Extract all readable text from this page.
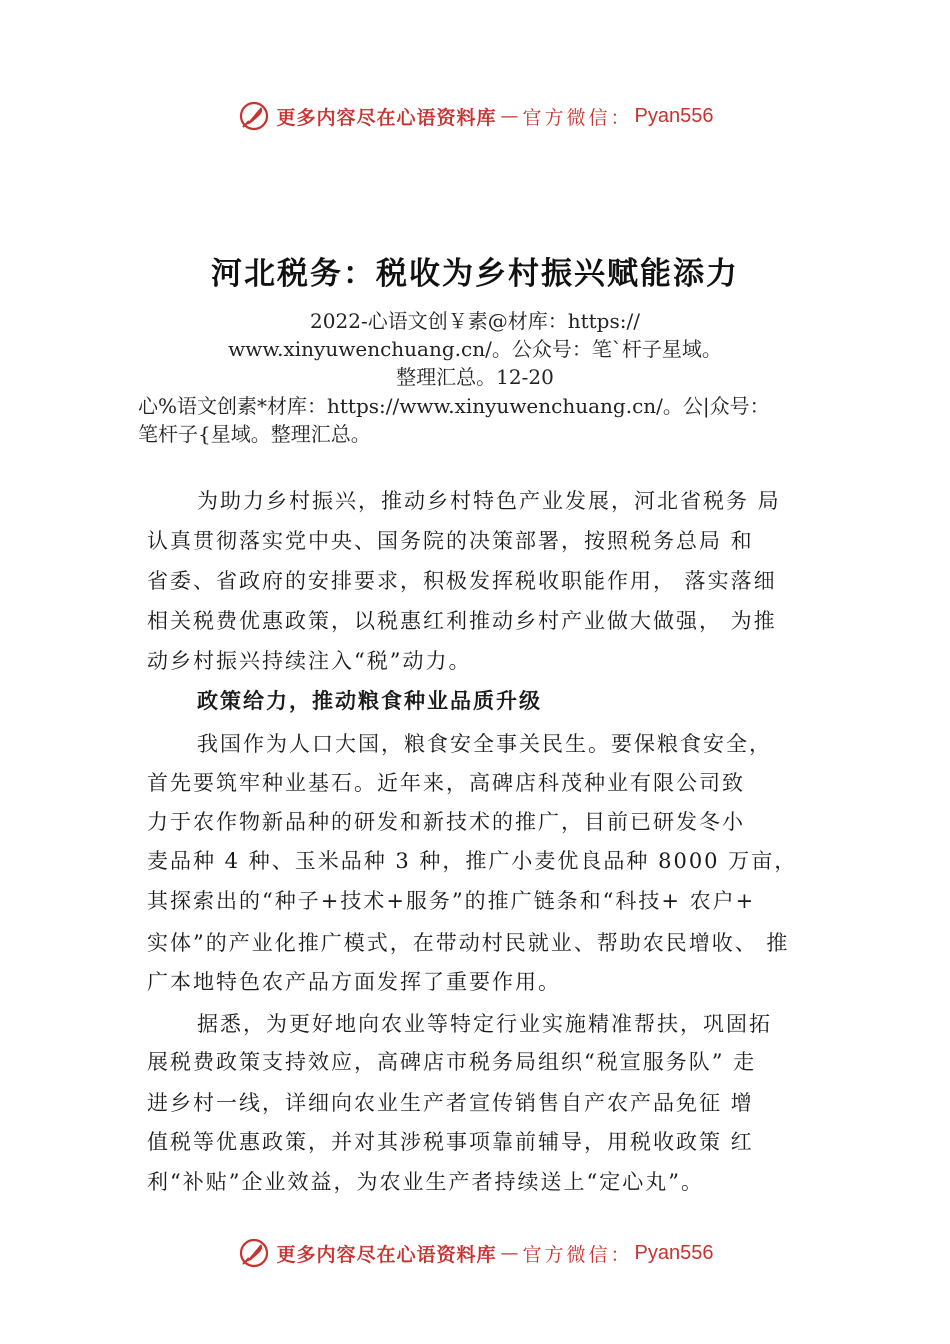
更多内容尽在心语资料库 — 官方微信： Pyan556
河北税务：税收为乡村振兴赋能添力
2022-心语文创￥素@材库：https://
www.xinyuwenchuang.cn/。公众号：笔`杆子星域。
整理汇总。12-20
心%语文创素*材库：https://www.xinyuwenchuang.cn/。公|众号：
笔杆子{星域。整理汇总。
为助力乡村振兴，推动乡村特色产业发展，河北省税务 局
认真贯彻落实党中央、国务院的决策部署，按照税务总局 和
省委、省政府的安排要求，积极发挥税收职能作用， 落实落细
相关税费优惠政策，以税惠红利推动乡村产业做大做强， 为推
动乡村振兴持续注入“税”动力。
政策给力，推动粮食种业品质升级
我国作为人口大国，粮食安全事关民生。要保粮食安全，
首先要筑牢种业基石。近年来，高碑店科茂种业有限公司致
力于农作物新品种的研发和新技术的推广，目前已研发冬小
麦品种 4 种、玉米品种 3 种，推广小麦优良品种 8000 万亩，
其探索出的“种子+技术+服务”的推广链条和“科技+ 农户+
实体”的产业化推广模式，在带动村民就业、帮助农民增收、 推
广本地特色农产品方面发挥了重要作用。
据悉，为更好地向农业等特定行业实施精准帮扶，巩固拓
展税费政策支持效应，高碑店市税务局组织“税宣服务队” 走
进乡村一线，详细向农业生产者宣传销售自产农产品免征 增
值税等优惠政策，并对其涉税事项靠前辅导，用税收政策 红
利“补贴”企业效益，为农业生产者持续送上“定心丸”。
更多内容尽在心语资料库 — 官方微信： Pyan556
